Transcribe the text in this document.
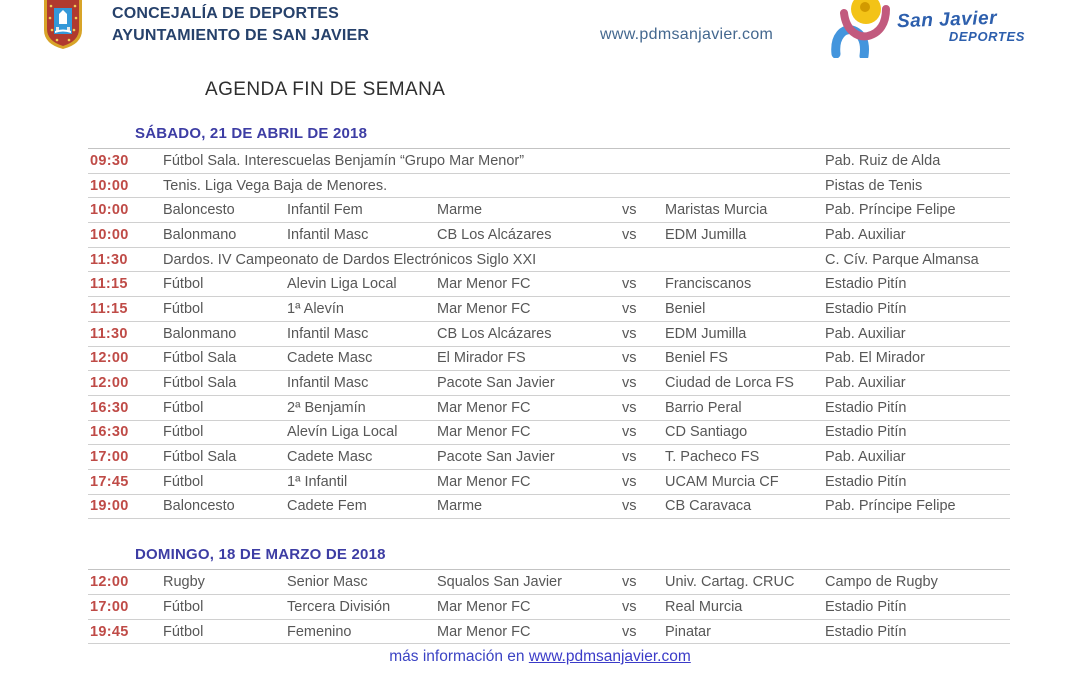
CONCEJALÍA DE DEPORTES
AYUNTAMIENTO DE SAN JAVIER	www.pdmsanjavier.com
San Javier
DEPORTES
AGENDA FIN DE SEMANA
SÁBADO, 21 DE ABRIL DE 2018
09:30	Fútbol Sala. Interescuelas Benjamín “Grupo Mar Menor”	Pab. Ruiz de Alda
10:00	Tenis. Liga Vega Baja de Menores.	Pistas de Tenis
10:00	Baloncesto	Infantil Fem	Marme	vs	Maristas Murcia	Pab. Príncipe Felipe
10:00	Balonmano	Infantil Masc	CB Los Alcázares	vs	EDM Jumilla	Pab. Auxiliar
11:30	Dardos. IV Campeonato de Dardos Electrónicos Siglo XXI	C. Cív. Parque Almansa
11:15	Fútbol	Alevin Liga Local	Mar Menor FC	vs	Franciscanos	Estadio Pitín
11:15	Fútbol	1ª Alevín	Mar Menor FC	vs	Beniel	Estadio Pitín
11:30	Balonmano	Infantil Masc	CB Los Alcázares	vs	EDM Jumilla	Pab. Auxiliar
12:00	Fútbol Sala	Cadete Masc	El Mirador FS	vs	Beniel FS	Pab. El Mirador
12:00	Fútbol Sala	Infantil Masc	Pacote San Javier	vs	Ciudad de Lorca FS	Pab. Auxiliar
16:30	Fútbol	2ª Benjamín	Mar Menor FC	vs	Barrio Peral	Estadio Pitín
16:30	Fútbol	Alevín Liga Local	Mar Menor FC	vs	CD Santiago	Estadio Pitín
17:00	Fútbol Sala	Cadete Masc	Pacote San Javier	vs	T. Pacheco FS	Pab. Auxiliar
17:45	Fútbol	1ª Infantil	Mar Menor FC	vs	UCAM Murcia CF	Estadio Pitín
19:00	Baloncesto	Cadete Fem	Marme	vs	CB Caravaca	Pab. Príncipe Felipe
DOMINGO, 18 DE MARZO DE 2018
12:00	Rugby	Senior Masc	Squalos San Javier	vs	Univ. Cartag. CRUC	Campo de Rugby
17:00	Fútbol	Tercera División	Mar Menor FC	vs	Real Murcia	Estadio Pitín
19:45	Fútbol	Femenino	Mar Menor FC	vs	Pinatar	Estadio Pitín
más información en www.pdmsanjavier.com
